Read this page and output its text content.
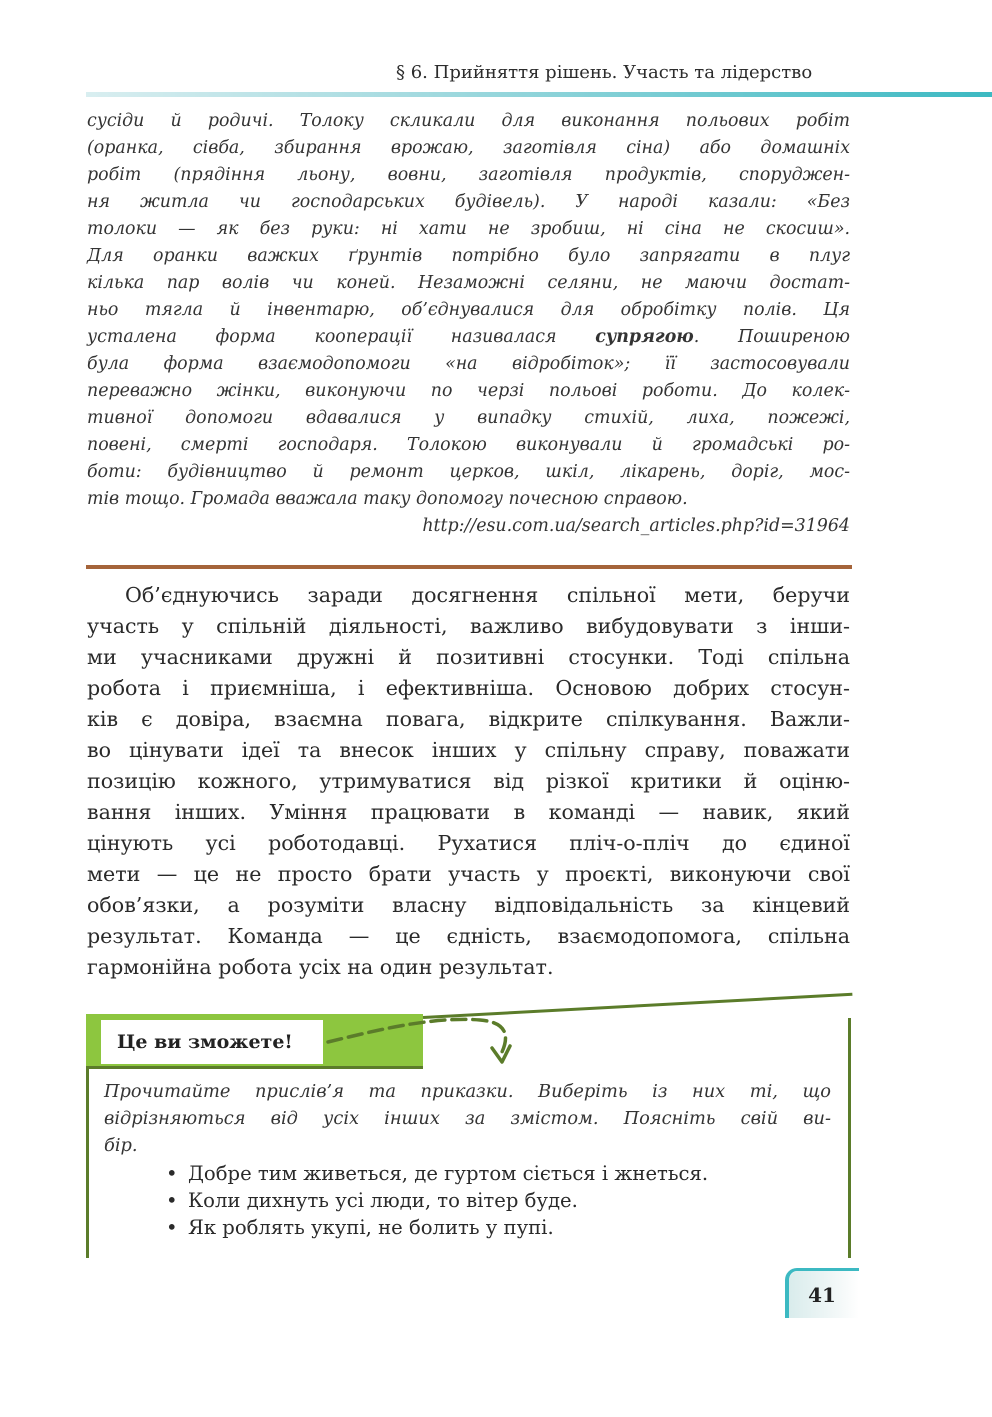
§ 6. Прийняття рішень. Участь та лідерство
сусіди й родичі. Толоку скликали для виконання польових робіт
(оранка, сівба, збирання врожаю, заготівля сіна) або домашніх
робіт (прядіння льону, вовни, заготівля продуктів, споруджен-
ня житла чи господарських будівель). У народі казали: «Без
толоки — як без руки: ні хати не зробиш, ні сіна не скосиш».
Для оранки важких ґрунтів потрібно було запрягати в плуг
кілька пар волів чи коней. Незаможні селяни, не маючи достат-
ньо тягла й інвентарю, об’єднувалися для обробітку полів. Ця
усталена форма кооперації називалася супрягою. Поширеною
була форма взаємодопомоги «на відробіток»; її застосовували
переважно жінки, виконуючи по черзі польові роботи. До колек-
тивної допомоги вдавалися у випадку стихій, лиха, пожежі,
повені, смерті господаря. Толокою виконували й громадські ро-
боти: будівництво й ремонт церков, шкіл, лікарень, доріг, мос-
тів тощо. Громада вважала таку допомогу почесною справою.
http://esu.com.ua/search_articles.php?id=31964
Об’єднуючись заради досягнення спільної мети, беручи
участь у спільній діяльності, важливо вибудовувати з інши-
ми учасниками дружні й позитивні стосунки. Тоді спільна
робота і приємніша, і ефективніша. Основою добрих стосун-
ків є довіра, взаємна повага, відкрите спілкування. Важли-
во цінувати ідеї та внесок інших у спільну справу, поважати
позицію кожного, утримуватися від різкої критики й оціню-
вання інших. Уміння працювати в команді — навик, який
цінують усі роботодавці. Рухатися пліч-о-пліч до єдиної
мети — це не просто брати участь у проєкті, виконуючи свої
обов’язки, а розуміти власну відповідальність за кінцевий
результат. Команда — це єдність, взаємодопомога, спільна
гармонійна робота усіх на один результат.
Це ви зможете!
Прочитайте прислів’я та приказки. Виберіть із них ті, що
відрізняються від усіх інших за змістом. Поясніть свій ви-
бір.
• Добре тим живеться, де гуртом сіється і жнеться.
• Коли дихнуть усі люди, то вітер буде.
• Як роблять укупі, не болить у пупі.
41
